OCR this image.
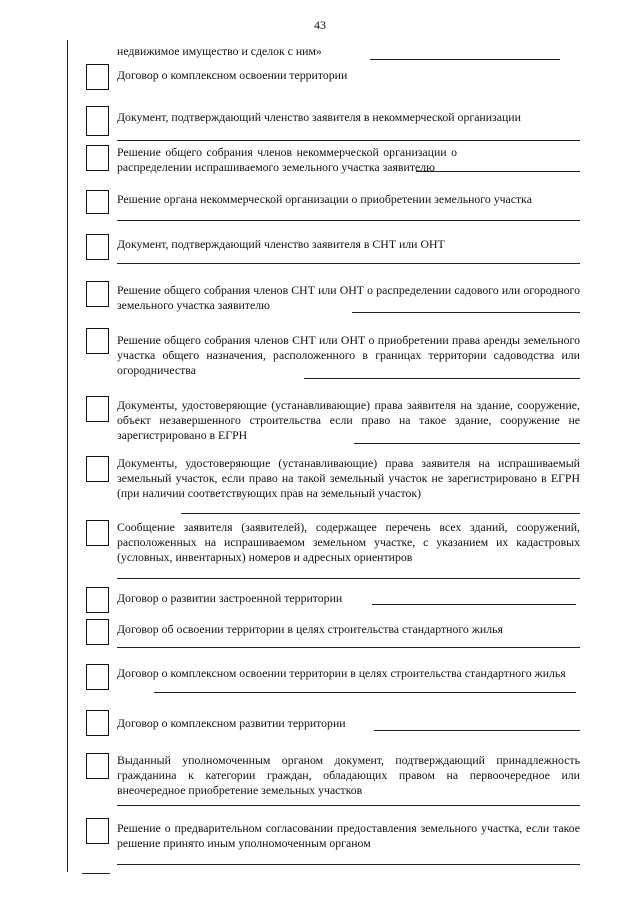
43
недвижимое имущество и сделок с ним»
Договор о комплексном освоении территории
Документ, подтверждающий членство заявителя в некоммерческой организации
Решение общего собрания членов некоммерческой организации о распределении испрашиваемого земельного участка заявителю
Решение органа некоммерческой организации о приобретении земельного участка
Документ, подтверждающий членство заявителя в СНТ или ОНТ
Решение общего собрания членов СНТ или ОНТ о распределении садового или огородного земельного участка заявителю
Решение общего собрания членов СНТ или ОНТ о приобретении права аренды земельного участка общего назначения, расположенного в границах территории садоводства или огородничества
Документы, удостоверяющие (устанавливающие) права заявителя на здание, сооружение, объект незавершенного строительства если право на такое здание, сооружение не зарегистрировано в ЕГРН
Документы, удостоверяющие (устанавливающие) права заявителя на испрашиваемый земельный участок, если право на такой земельный участок не зарегистрировано в ЕГРН (при наличии соответствующих прав на земельный участок)
Сообщение заявителя (заявителей), содержащее перечень всех зданий, сооружений, расположенных на испрашиваемом земельном участке, с указанием их кадастровых (условных, инвентарных) номеров и адресных ориентиров
Договор о развитии застроенной территории
Договор об освоении территории в целях строительства стандартного жилья
Договор о комплексном освоении территории в целях строительства стандартного жилья
Договор о комплексном развитии территории
Выданный уполномоченным органом документ, подтверждающий принадлежность гражданина к категории граждан, обладающих правом на первоочередное или внеочередное приобретение земельных участков
Решение о предварительном согласовании предоставления земельного участка, если такое решение принято иным уполномоченным органом
